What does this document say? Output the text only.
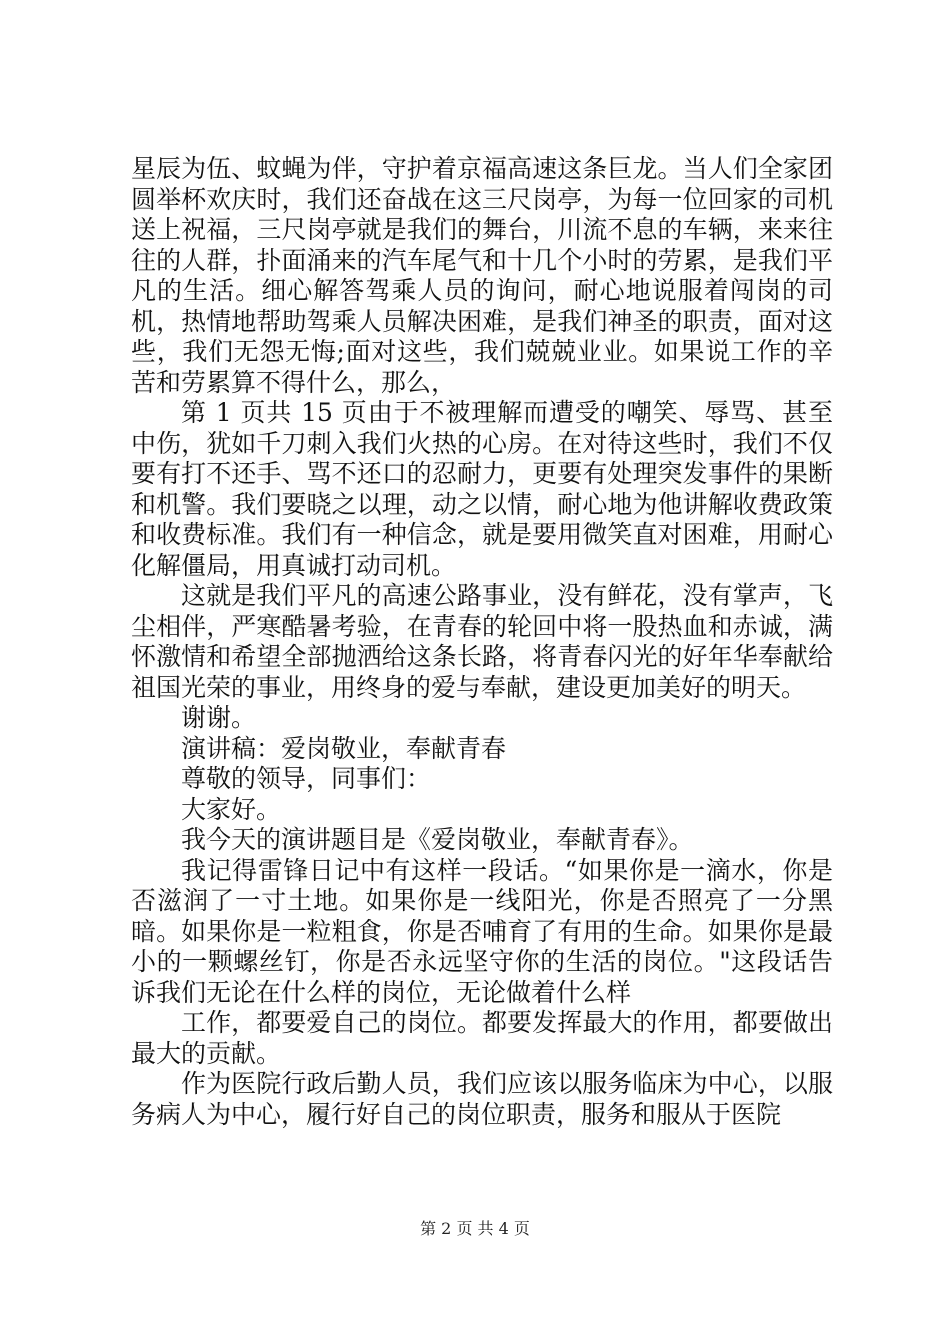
星辰为伍、蚊蝇为伴，守护着京福高速这条巨龙。当人们全家团圆举杯欢庆时，我们还奋战在这三尺岗亭，为每一位回家的司机送上祝福，三尺岗亭就是我们的舞台，川流不息的车辆，来来往往的人群，扑面涌来的汽车尾气和十几个小时的劳累，是我们平凡的生活。细心解答驾乘人员的询问，耐心地说服着闯岗的司机，热情地帮助驾乘人员解决困难，是我们神圣的职责，面对这些，我们无怨无悔;面对这些，我们兢兢业业。如果说工作的辛苦和劳累算不得什么，那么，

第 1 页共 15 页由于不被理解而遭受的嘲笑、辱骂、甚至中伤，犹如千刀刺入我们火热的心房。在对待这些时，我们不仅要有打不还手、骂不还口的忍耐力，更要有处理突发事件的果断和机警。我们要晓之以理，动之以情，耐心地为他讲解收费政策和收费标准。我们有一种信念，就是要用微笑直对困难，用耐心化解僵局，用真诚打动司机。

这就是我们平凡的高速公路事业，没有鲜花，没有掌声，飞尘相伴，严寒酷暑考验，在青春的轮回中将一股热血和赤诚，满怀激情和希望全部抛洒给这条长路，将青春闪光的好年华奉献给祖国光荣的事业，用终身的爱与奉献，建设更加美好的明天。

谢谢。

演讲稿：爱岗敬业，奉献青春

尊敬的领导，同事们：

大家好。

我今天的演讲题目是《爱岗敬业，奉献青春》。

我记得雷锋日记中有这样一段话。“如果你是一滴水，你是否滋润了一寸土地。如果你是一线阳光，你是否照亮了一分黑暗。如果你是一粒粗食，你是否哺育了有用的生命。如果你是最小的一颗螺丝钉，你是否永远坚守你的生活的岗位。"这段话告诉我们无论在什么样的岗位，无论做着什么样

工作，都要爱自己的岗位。都要发挥最大的作用，都要做出最大的贡献。

作为医院行政后勤人员，我们应该以服务临床为中心，以服务病人为中心，履行好自己的岗位职责，服务和服从于医院

第 2 页 共 4 页
